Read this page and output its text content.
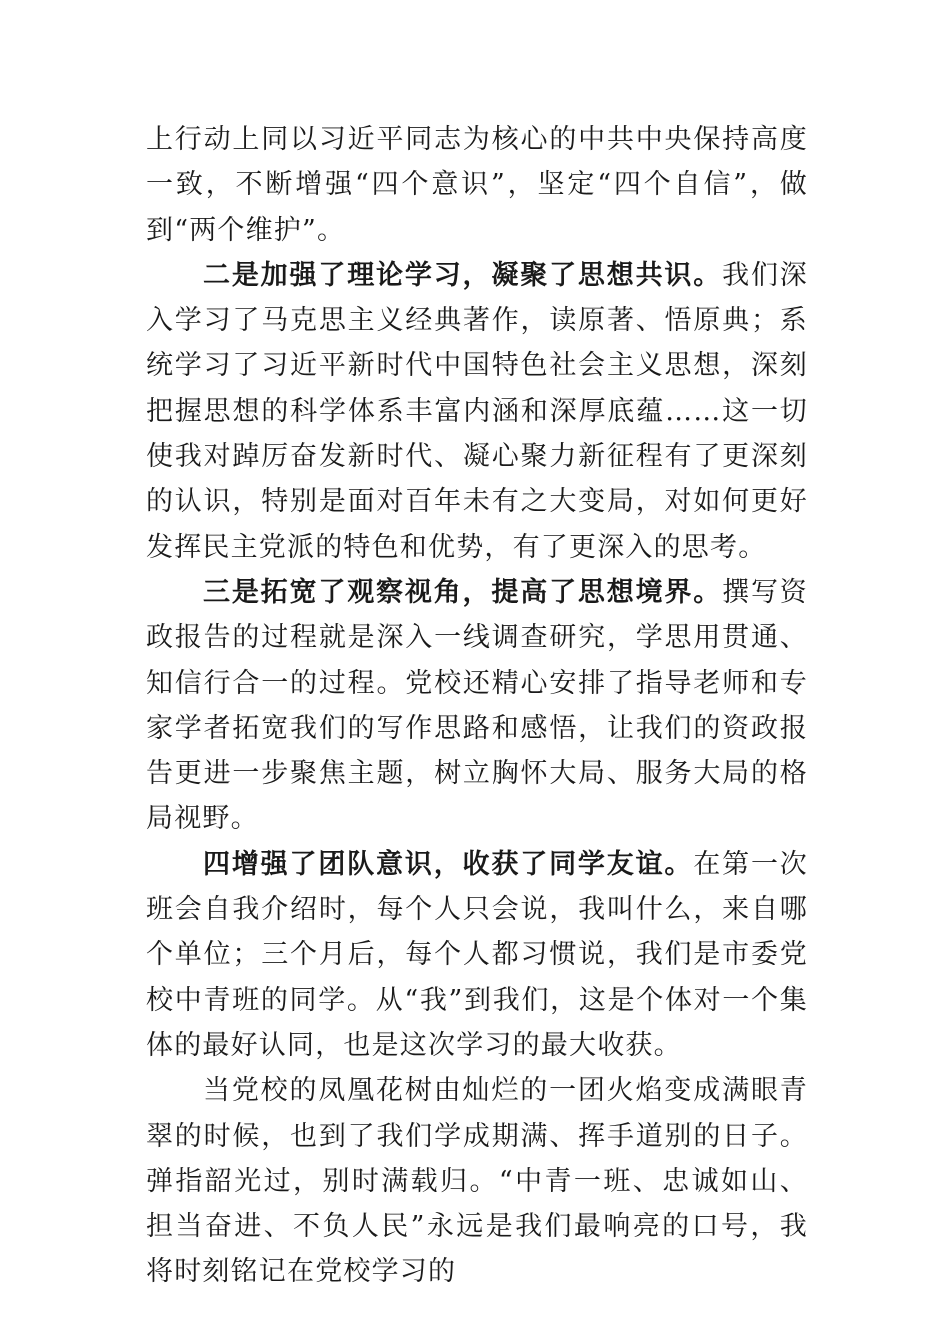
上行动上同以习近平同志为核心的中共中央保持高度一致，不断增强“四个意识”，坚定“四个自信”，做到“两个维护”。

二是加强了理论学习，凝聚了思想共识。我们深入学习了马克思主义经典著作，读原著、悟原典；系统学习了习近平新时代中国特色社会主义思想，深刻把握思想的科学体系丰富内涵和深厚底蕴……这一切使我对踔厉奋发新时代、凝心聚力新征程有了更深刻的认识，特别是面对百年未有之大变局，对如何更好发挥民主党派的特色和优势，有了更深入的思考。

三是拓宽了观察视角，提高了思想境界。撰写资政报告的过程就是深入一线调查研究，学思用贯通、知信行合一的过程。党校还精心安排了指导老师和专家学者拓宽我们的写作思路和感悟，让我们的资政报告更进一步聚焦主题，树立胸怀大局、服务大局的格局视野。

四增强了团队意识，收获了同学友谊。在第一次班会自我介绍时，每个人只会说，我叫什么，来自哪个单位；三个月后，每个人都习惯说，我们是市委党校中青班的同学。从“我”到我们，这是个体对一个集体的最好认同，也是这次学习的最大收获。

当党校的凤凰花树由灿烂的一团火焰变成满眼青翠的时候，也到了我们学成期满、挥手道别的日子。弹指韶光过，别时满载归。“中青一班、忠诚如山、担当奋进、不负人民”永远是我们最响亮的口号，我将时刻铭记在党校学习的
